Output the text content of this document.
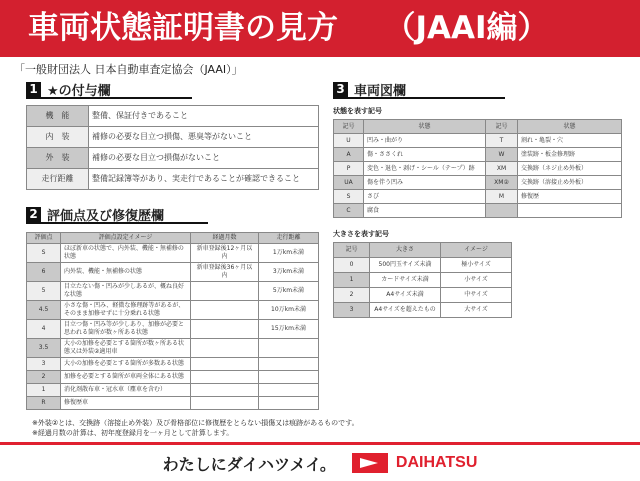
車両状態証明書の見方　　（JAAI編）
「一般財団法人 日本自動車査定協会（JAAI）」
1 ★の付与欄
機　能	整備、保証付きであること
内　装	補修の必要な目立つ損傷、悪臭等がないこと
外　装	補修の必要な目立つ損傷がないこと
走行距離	整備記録簿等があり、実走行であることが確認できること
2 評価点及び修復歴欄
評価点	評価点設定イメージ	経過月数	走行距離
S	ほぼ新車の状態で、内外装、機能・無補修の状態	新車登録後12ヶ月以内	1万km未満
6	内外装、機能・無補修の状態	新車登録後36ヶ月以内	3万km未満
5	目立たない傷・凹みが少しあるが、概ね良好な状態		5万km未満
4.5	小さな傷・凹み、軽微な修理跡等があるが、そのまま加修せずに十分乗れる状態		10万km未満
4	目立つ傷・凹み等が少しあり、加修が必要と思われる箇所が数ヶ所ある状態		15万km未満
3.5	大小の加修を必要とする箇所が数ヶ所ある状態又は外装②適用車		
3	大小の加修を必要とする箇所が多数ある状態		
2	加修を必要とする箇所が車両全体にある状態		
1	消化剤散布車・冠水車（塵車を含む）		
R	修復歴車		
3 車両図欄
状態を表す記号
記号	状態	記号	状態
U	凹み・曲がり	T	割れ・亀裂・穴
A	傷・ささくれ	W	塗装跡・板金修理跡
P	変色・退色・剥げ・シール（テープ）跡	XM	交換跡（ネジ止め外板）
UA	傷を伴う凹み	XM②	交換跡（溶接止め外板）
S	さび	M	修復歴
C	腐食		
大きさを表す記号
記号	大きさ	イメージ
0	500円玉サイズ未満	極小サイズ
1	カードサイズ未満	小サイズ
2	A4サイズ未満	中サイズ
3	A4サイズを超えたもの	大サイズ
※外装②とは、交換跡（溶接止め外装）及び骨格部位に修復歴をとらない損傷又は痕跡があるものです。
※経過月数の計算は、初年度登録月を一ヶ月として計算します。
わたしにダイハツメイ。	DAIHATSU
